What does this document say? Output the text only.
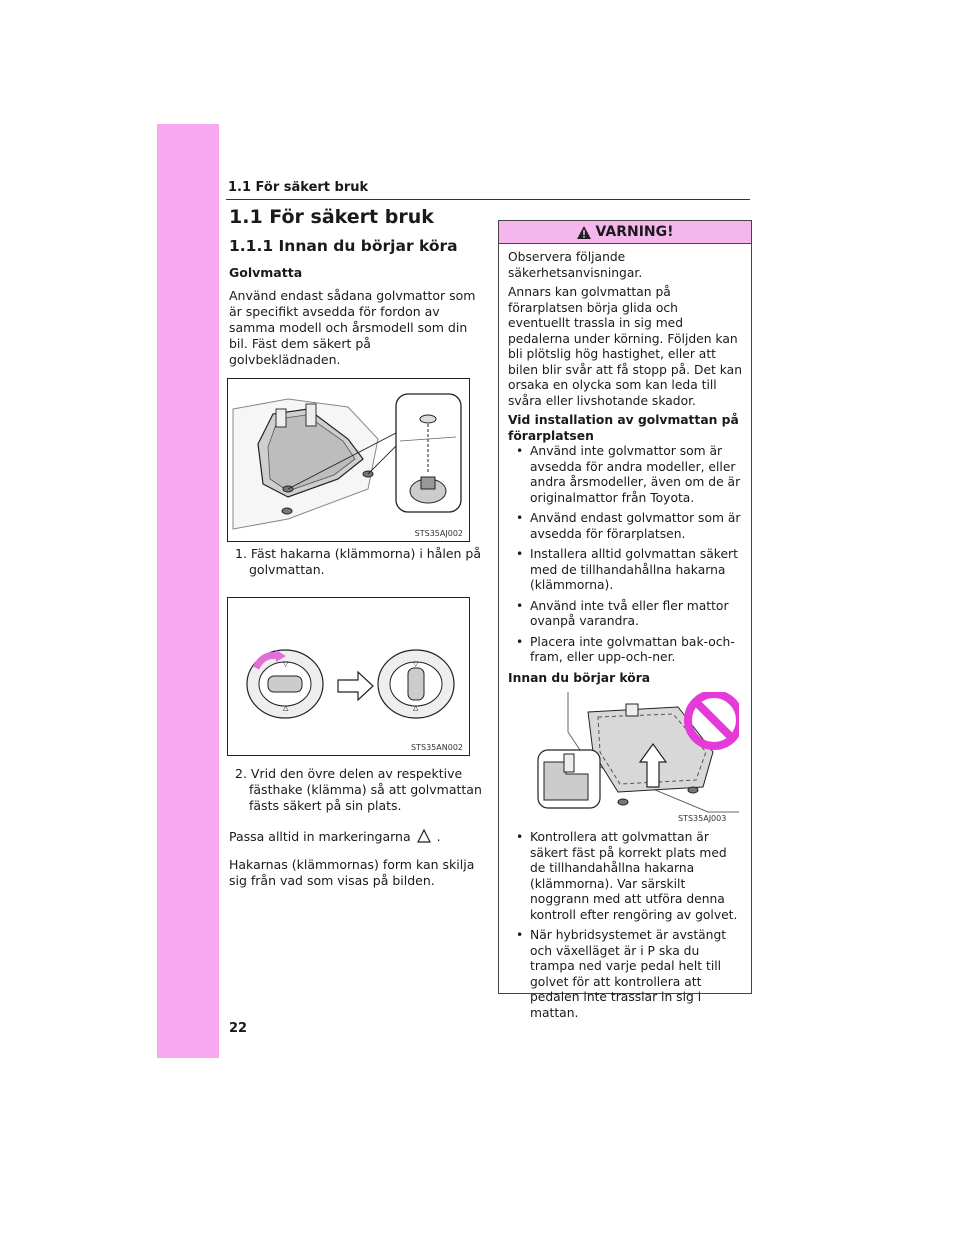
1.1 För säkert bruk
1.1 För säkert bruk
1.1.1 Innan du börjar köra
Golvmatta
Använd endast sådana golvmattor som är specifikt avsedda för fordon av samma modell och årsmodell som din bil. Fäst dem säkert på golvbeklädnaden.
STS35AJ002
1. Fäst hakarna (klämmorna) i hålen på golvmattan.
▽
△
▽
△
STS35AN002
2. Vrid den övre delen av respektive fästhake (klämma) så att golvmattan fästs säkert på sin plats.
Passa alltid in markeringarna .
Hakarnas (klämmornas) form kan skilja sig från vad som visas på bilden.
VARNING!
Observera följande säkerhetsanvisningar.
Annars kan golvmattan på förarplatsen börja glida och eventuellt trassla in sig med pedalerna under körning. Följden kan bli plötslig hög hastighet, eller att bilen blir svår att få stopp på. Det kan orsaka en olycka som kan leda till svåra eller livshotande skador.
Vid installation av golvmattan på förarplatsen
• Använd inte golvmattor som är avsedda för andra modeller, eller andra årsmodeller, även om de är originalmattor från Toyota.
• Använd endast golvmattor som är avsedda för förarplatsen.
• Installera alltid golvmattan säkert med de tillhandahållna hakarna (klämmorna).
• Använd inte två eller fler mattor ovanpå varandra.
• Placera inte golvmattan bak-och-fram, eller upp-och-ner.
Innan du börjar köra
STS35AJ003
• Kontrollera att golvmattan är säkert fäst på korrekt plats med de tillhandahållna hakarna (klämmorna). Var särskilt noggrann med att utföra denna kontroll efter rengöring av golvet.
• När hybridsystemet är avstängt och växelläget är i P ska du trampa ned varje pedal helt till golvet för att kontrollera att pedalen inte trasslar in sig i mattan.
22
